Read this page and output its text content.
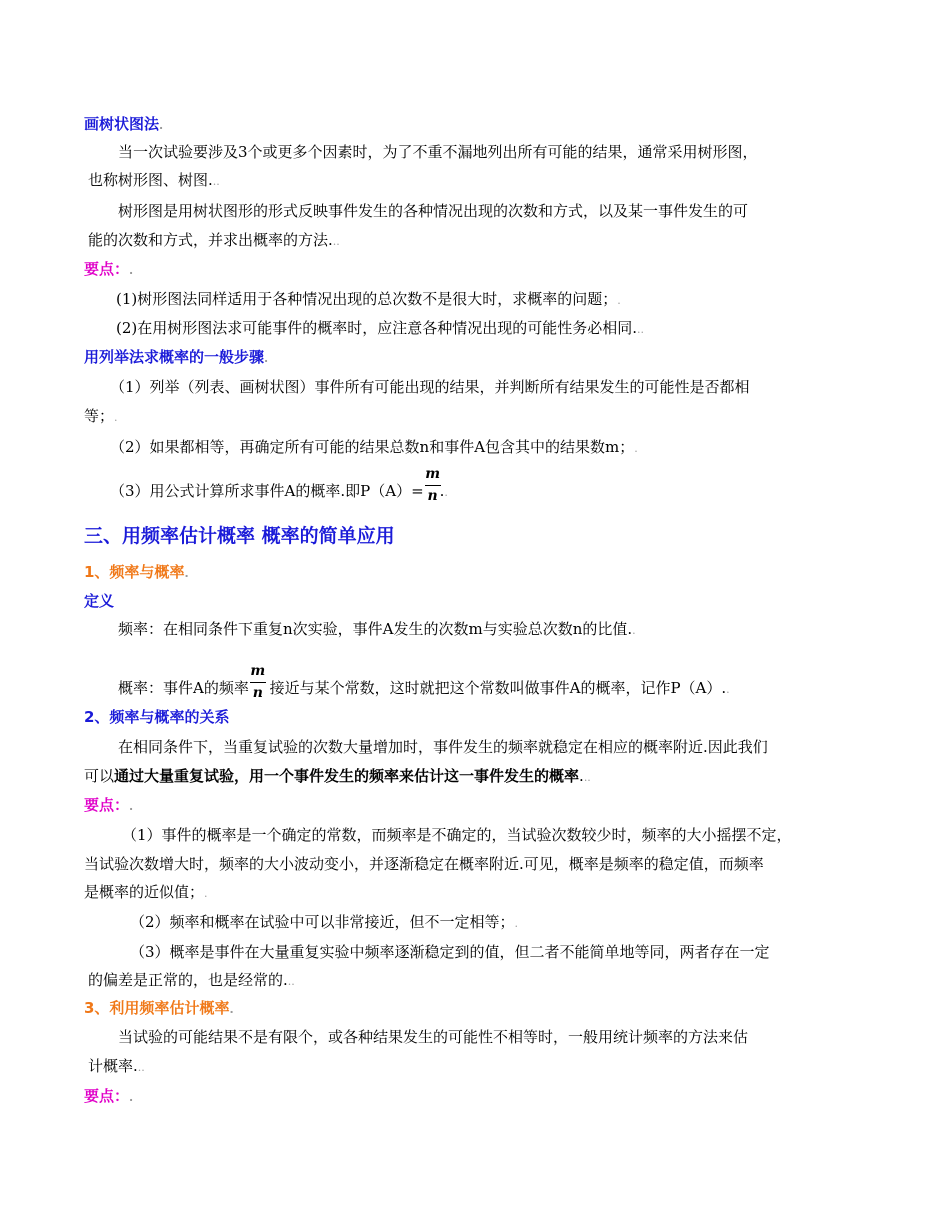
画树状图法.
当一次试验要涉及3个或更多个因素时，为了不重不漏地列出所有可能的结果，通常采用树形图，
也称树形图、树图...
树形图是用树状图形的形式反映事件发生的各种情况出现的次数和方式，以及某一事件发生的可
能的次数和方式，并求出概率的方法...
要点：.
(1)树形图法同样适用于各种情况出现的总次数不是很大时，求概率的问题；.
(2)在用树形图法求可能事件的概率时，应注意各种情况出现的可能性务必相同...
用列举法求概率的一般步骤.
（1）列举（列表、画树状图）事件所有可能出现的结果，并判断所有结果发生的可能性是否都相
等；.
（2）如果都相等，再确定所有可能的结果总数n和事件A包含其中的结果数m；.
（3）用公式计算所求事件A的概率.即$P(A)= \frac{m}{n}$ ..
三、用频率估计概率 概率的简单应用
1、频率与概率.
定义
频率：在相同条件下重复n次实验，事件A发生的次数m与实验总次数n的比值..
概率：事件A的频率 $\frac{m}{n}$ 接近与某个常数，这时就把这个常数叫做事件A的概率，记作P（A）..
2、频率与概率的关系
在相同条件下，当重复试验的次数大量增加时，事件发生的频率就稳定在相应的概率附近.因此我们
可以通过大量重复试验，用一个事件发生的频率来估计这一事件发生的概率...
要点：.
（1）事件的概率是一个确定的常数，而频率是不确定的，当试验次数较少时，频率的大小摇摆不定，
当试验次数增大时，频率的大小波动变小，并逐渐稳定在概率附近.可见，概率是频率的稳定值，而频率
是概率的近似值；.
（2）频率和概率在试验中可以非常接近，但不一定相等；.
（3）概率是事件在大量重复实验中频率逐渐稳定到的值，但二者不能简单地等同，两者存在一定
的偏差是正常的，也是经常的...
3、利用频率估计概率.
当试验的可能结果不是有限个，或各种结果发生的可能性不相等时，一般用统计频率的方法来估
计概率...
要点：.
